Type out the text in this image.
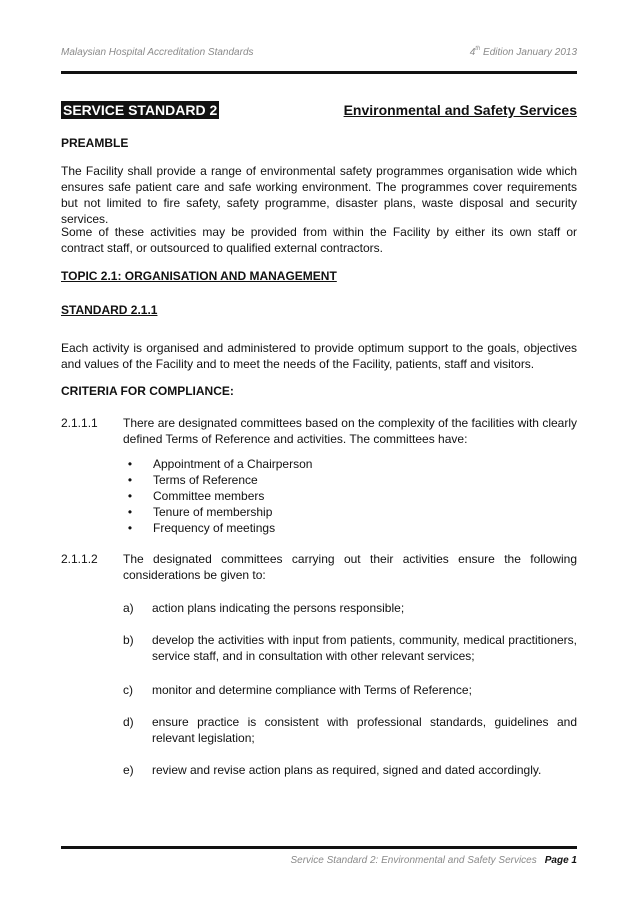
Malaysian Hospital Accreditation Standards	4th Edition January 2013
SERVICE STANDARD 2	Environmental and Safety Services
PREAMBLE
The Facility shall provide a range of environmental safety programmes organisation wide which ensures safe patient care and safe working environment. The programmes cover requirements but not limited to fire safety, safety programme, disaster plans, waste disposal and security services.
Some of these activities may be provided from within the Facility by either its own staff or contract staff, or outsourced to qualified external contractors.
TOPIC 2.1: ORGANISATION AND MANAGEMENT
STANDARD 2.1.1
Each activity is organised and administered to provide optimum support to the goals, objectives and values of the Facility and to meet the needs of the Facility, patients, staff and visitors.
CRITERIA FOR COMPLIANCE:
2.1.1.1 There are designated committees based on the complexity of the facilities with clearly defined Terms of Reference and activities. The committees have:
•	Appointment of a Chairperson
•	Terms of Reference
•	Committee members
•	Tenure of membership
•	Frequency of meetings
2.1.1.2 The designated committees carrying out their activities ensure the following considerations be given to:
a) action plans indicating the persons responsible;
b) develop the activities with input from patients, community, medical practitioners, service staff, and in consultation with other relevant services;
c) monitor and determine compliance with Terms of Reference;
d) ensure practice is consistent with professional standards, guidelines and relevant legislation;
e) review and revise action plans as required, signed and dated accordingly.
Service Standard 2: Environmental and Safety Services Page 1
